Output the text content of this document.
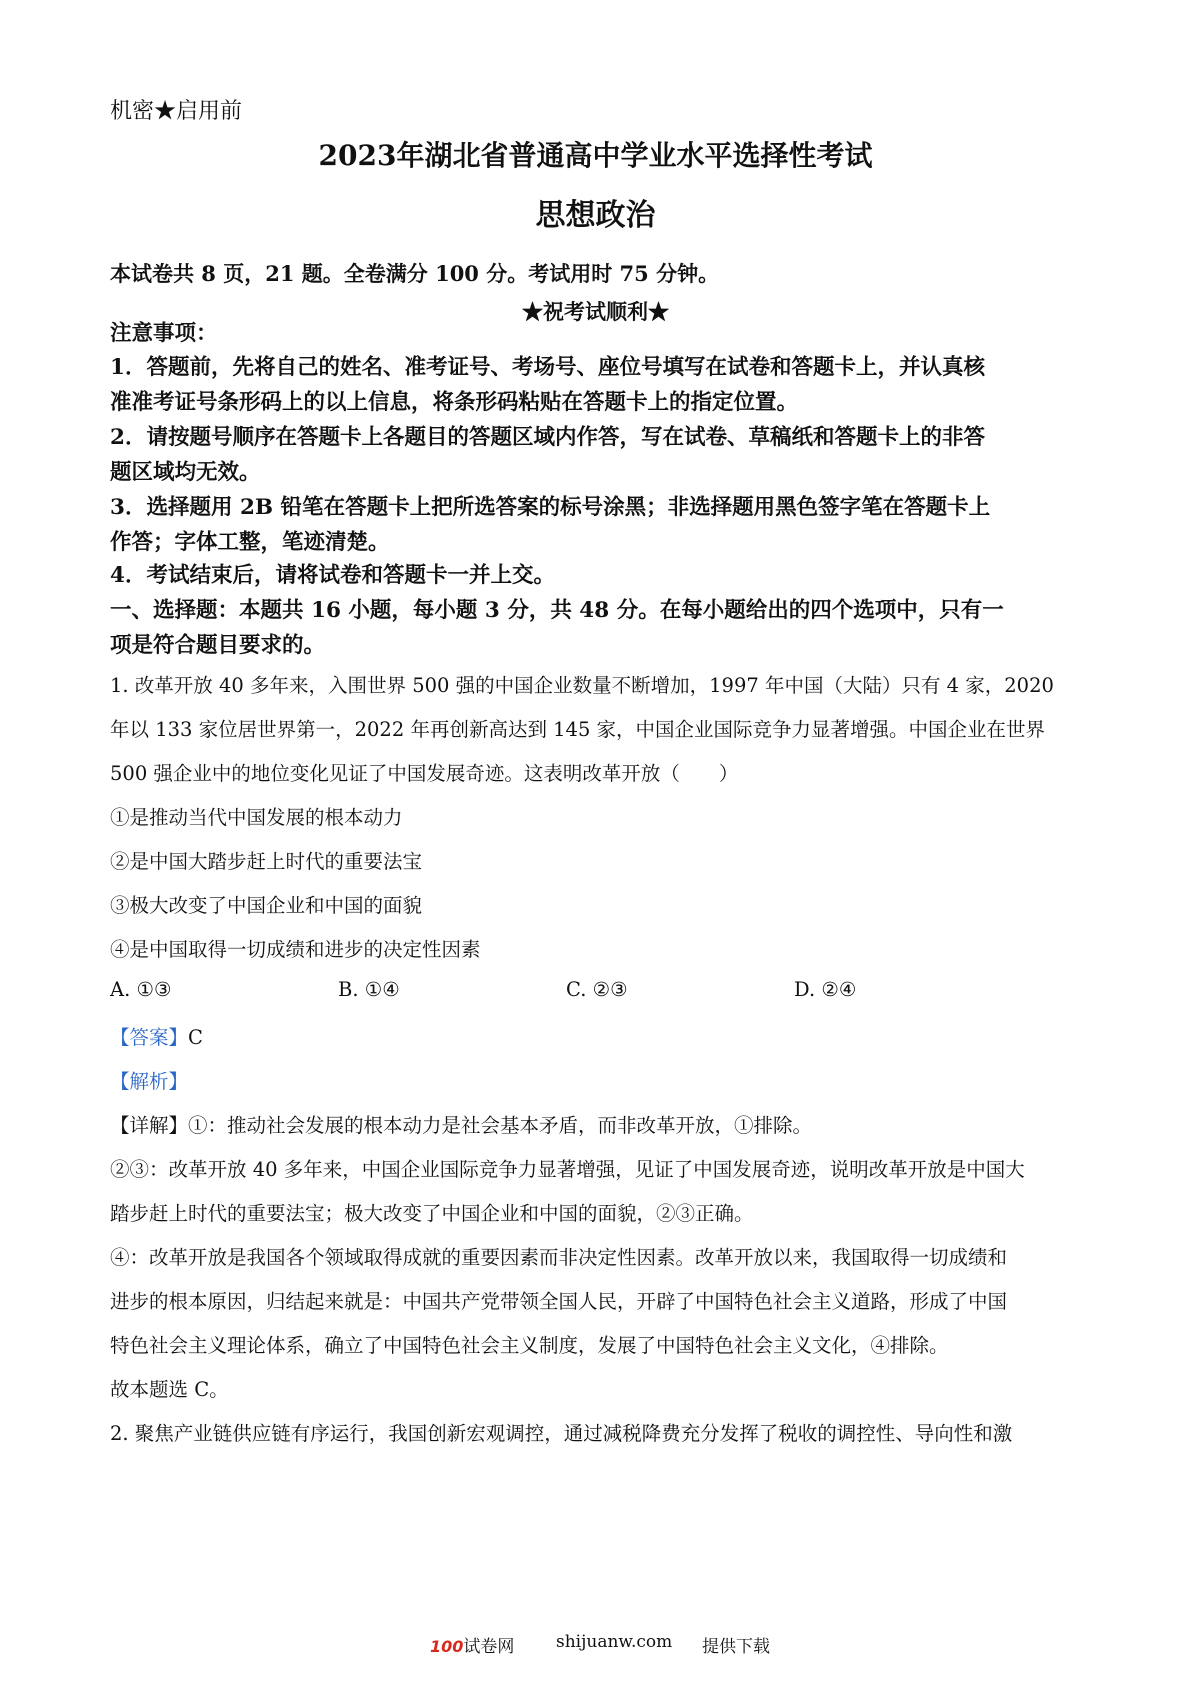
机密★启用前
2023年湖北省普通高中学业水平选择性考试
思想政治
本试卷共 8 页，21 题。全卷满分 100 分。考试用时 75 分钟。
★祝考试顺利★
注意事项：
1．答题前，先将自己的姓名、准考证号、考场号、座位号填写在试卷和答题卡上，并认真核
准准考证号条形码上的以上信息，将条形码粘贴在答题卡上的指定位置。
2．请按题号顺序在答题卡上各题目的答题区域内作答，写在试卷、草稿纸和答题卡上的非答
题区域均无效。
3．选择题用 2B 铅笔在答题卡上把所选答案的标号涂黑；非选择题用黑色签字笔在答题卡上
作答；字体工整，笔迹清楚。
4．考试结束后，请将试卷和答题卡一并上交。
一、选择题：本题共 16 小题，每小题 3 分，共 48 分。在每小题给出的四个选项中，只有一
项是符合题目要求的。
1. 改革开放 40 多年来，入围世界 500 强的中国企业数量不断增加，1997 年中国（大陆）只有 4 家，2020
年以 133 家位居世界第一，2022 年再创新高达到 145 家，中国企业国际竞争力显著增强。中国企业在世界
500 强企业中的地位变化见证了中国发展奇迹。这表明改革开放（　　）
①是推动当代中国发展的根本动力
②是中国大踏步赶上时代的重要法宝
③极大改变了中国企业和中国的面貌
④是中国取得一切成绩和进步的决定性因素
A. ①③	B. ①④	C. ②③	D. ②④
【答案】C
【解析】
【详解】①：推动社会发展的根本动力是社会基本矛盾，而非改革开放，①排除。
②③：改革开放 40 多年来，中国企业国际竞争力显著增强，见证了中国发展奇迹，说明改革开放是中国大
踏步赶上时代的重要法宝；极大改变了中国企业和中国的面貌，②③正确。
④：改革开放是我国各个领域取得成就的重要因素而非决定性因素。改革开放以来，我国取得一切成绩和
进步的根本原因，归结起来就是：中国共产党带领全国人民，开辟了中国特色社会主义道路，形成了中国
特色社会主义理论体系，确立了中国特色社会主义制度，发展了中国特色社会主义文化，④排除。
故本题选 C。
2. 聚焦产业链供应链有序运行，我国创新宏观调控，通过减税降费充分发挥了税收的调控性、导向性和激
100试卷网 shijuanw.com 提供下载
